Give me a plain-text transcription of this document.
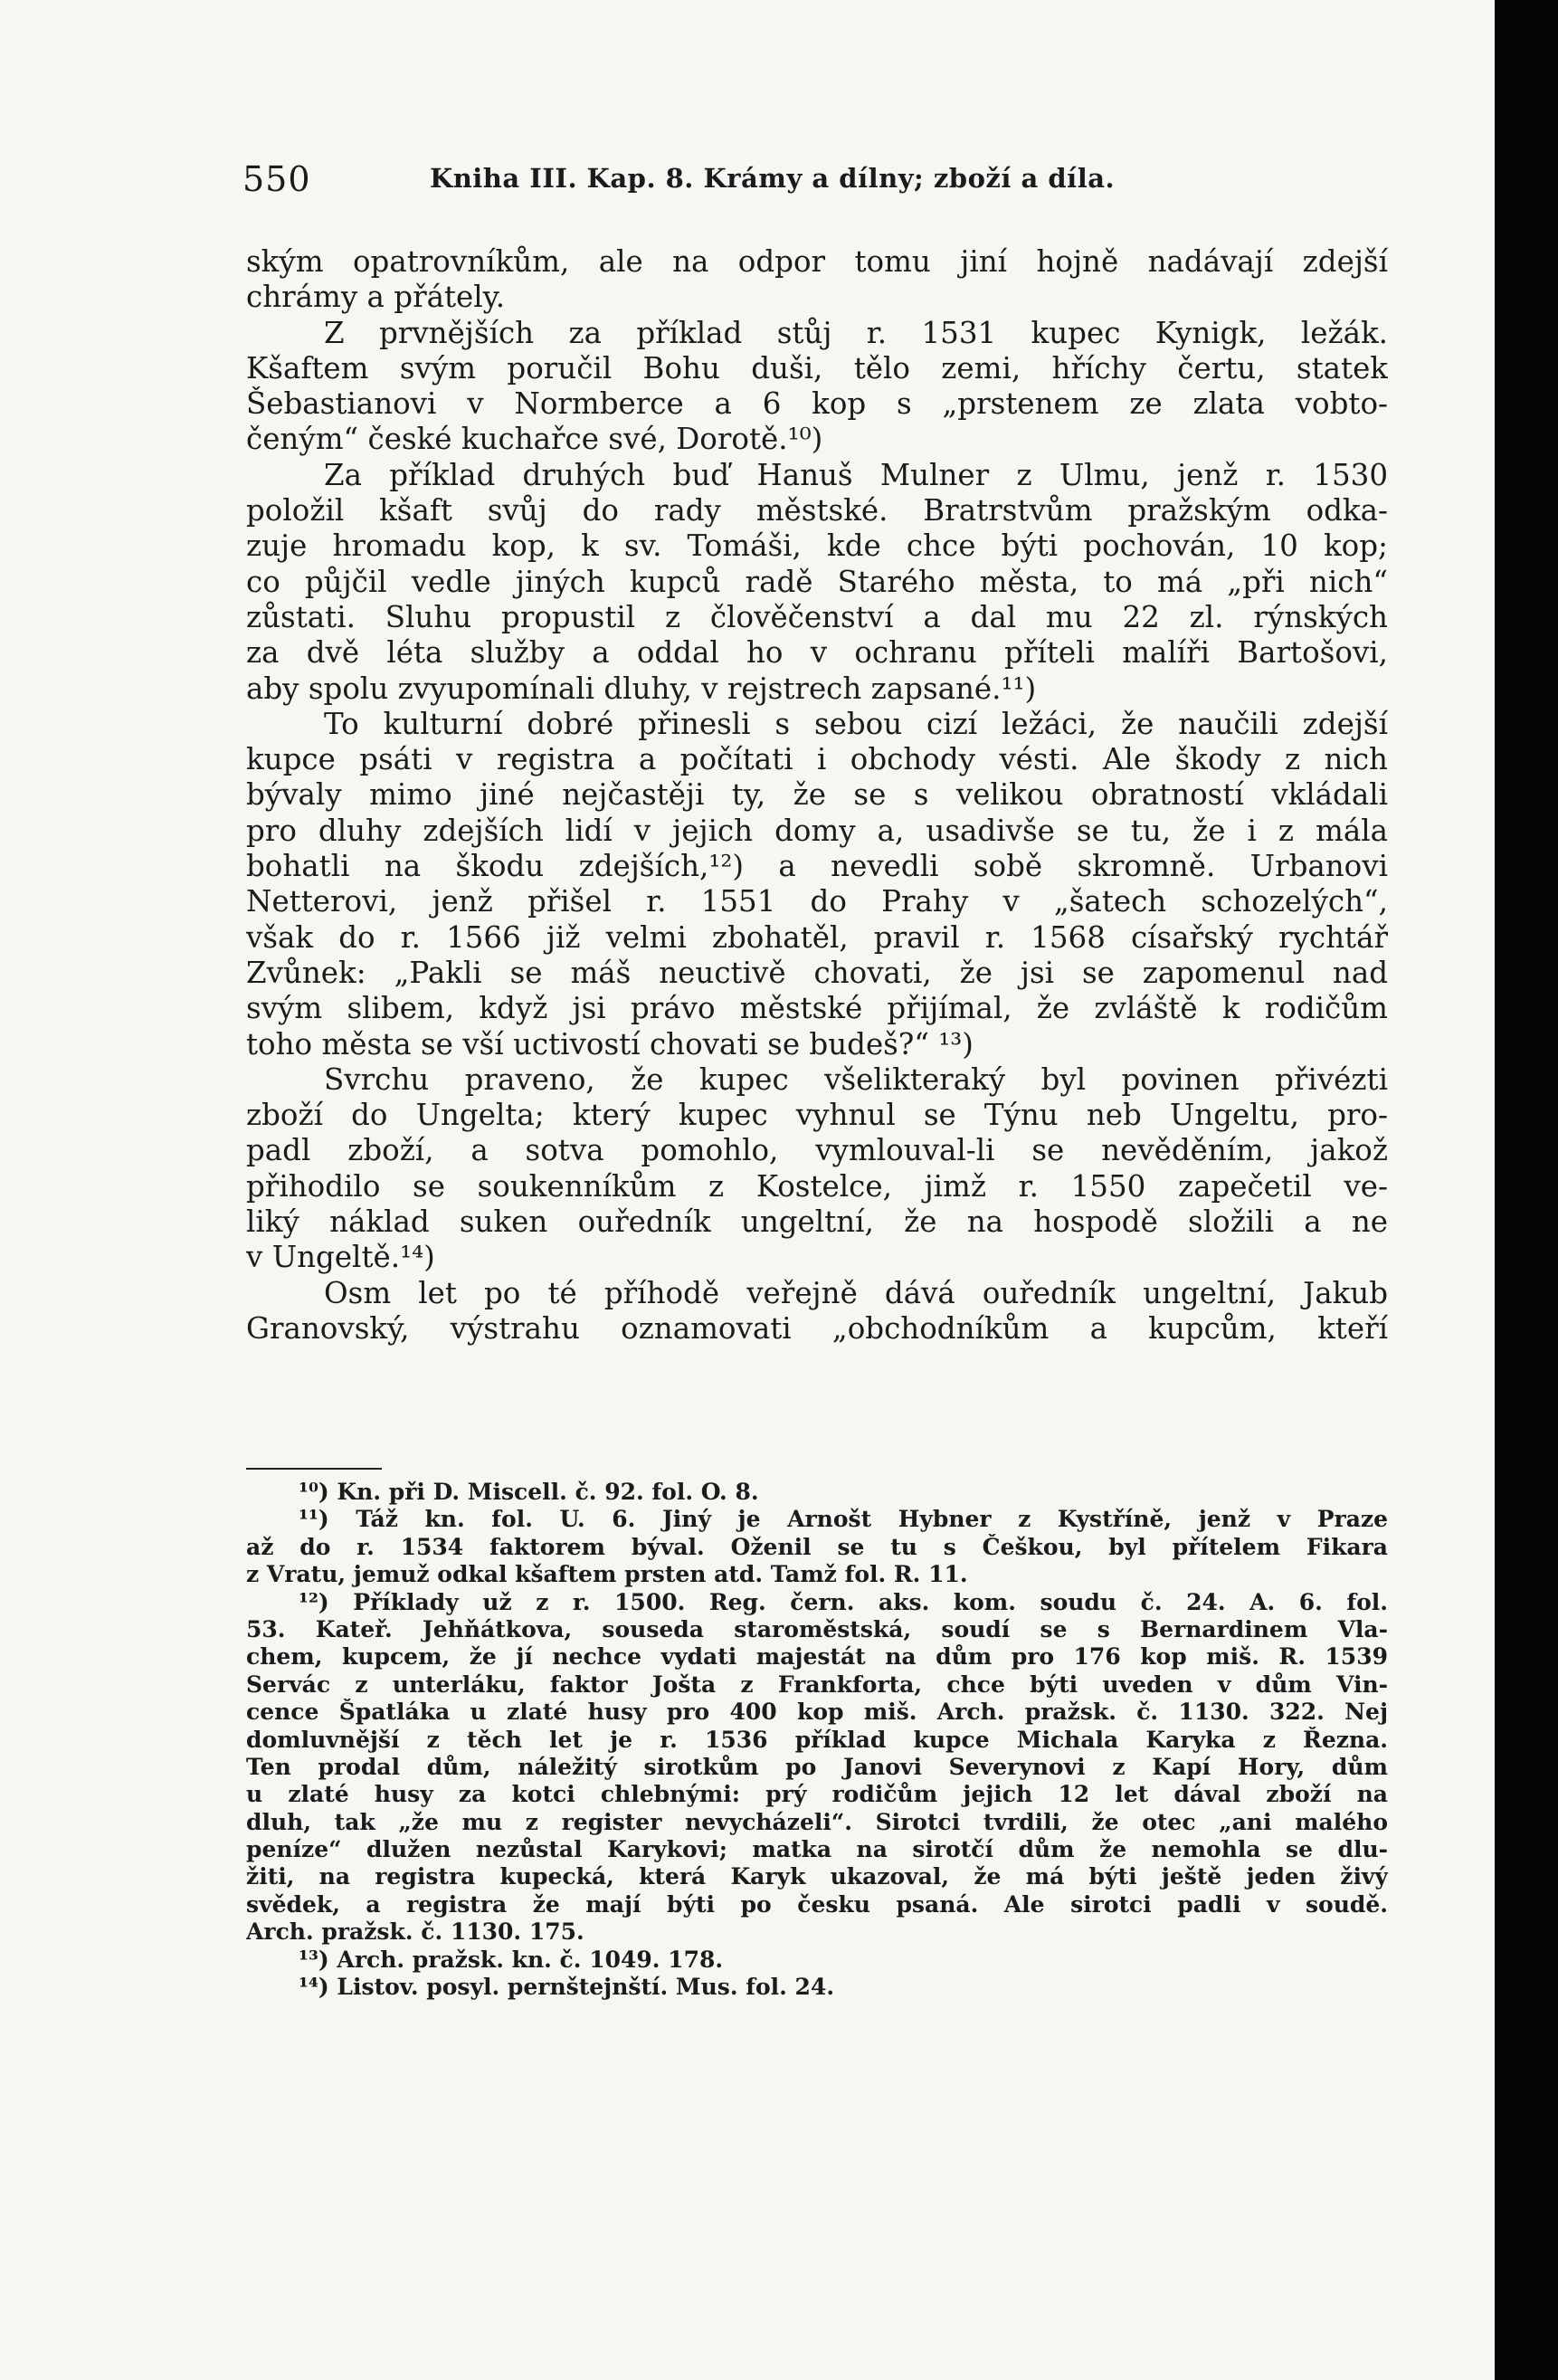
550	Kniha III. Kap. 8. Krámy a dílny; zboží a díla.
ským opatrovníkům, ale na odpor tomu jiní hojně nadávají zdejší
chrámy a přátely.
Z prvnějších za příklad stůj r. 1531 kupec Kynigk, ležák.
Kšaftem svým poručil Bohu duši, tělo zemi, hříchy čertu, statek
Šebastianovi v Normberce a 6 kop s „prstenem ze zlata vobto-
čeným“ české kuchařce své, Dorotě.¹⁰)
Za příklad druhých buď Hanuš Mulner z Ulmu, jenž r. 1530
položil kšaft svůj do rady městské. Bratrstvům pražským odka-
zuje hromadu kop, k sv. Tomáši, kde chce býti pochován, 10 kop;
co půjčil vedle jiných kupců radě Starého města, to má „při nich“
zůstati. Sluhu propustil z člověčenství a dal mu 22 zl. rýnských
za dvě léta služby a oddal ho v ochranu příteli malíři Bartošovi,
aby spolu zvyupomínali dluhy, v rejstrech zapsané.¹¹)
To kulturní dobré přinesli s sebou cizí ležáci, že naučili zdejší
kupce psáti v registra a počítati i obchody vésti. Ale škody z nich
bývaly mimo jiné nejčastěji ty, že se s velikou obratností vkládali
pro dluhy zdejších lidí v jejich domy a, usadivše se tu, že i z mála
bohatli na škodu zdejších,¹²) a nevedli sobě skromně. Urbanovi
Netterovi, jenž přišel r. 1551 do Prahy v „šatech schozelých“,
však do r. 1566 již velmi zbohatěl, pravil r. 1568 císařský rychtář
Zvůnek: „Pakli se máš neuctivě chovati, že jsi se zapomenul nad
svým slibem, když jsi právo městské přijímal, že zvláště k rodičům
toho města se vší uctivostí chovati se budeš?“ ¹³)
Svrchu praveno, že kupec všelikteraký byl povinen přivézti
zboží do Ungelta; který kupec vyhnul se Týnu neb Ungeltu, pro-
padl zboží, a sotva pomohlo, vymlouval-li se nevěděním, jakož
přihodilo se soukenníkům z Kostelce, jimž r. 1550 zapečetil ve-
liký náklad suken ouředník ungeltní, že na hospodě složili a ne
v Ungeltě.¹⁴)
Osm let po té příhodě veřejně dává ouředník ungeltní, Jakub
Granovský, výstrahu oznamovati „obchodníkům a kupcům, kteří
¹⁰) Kn. při D. Miscell. č. 92. fol. O. 8.
¹¹) Táž kn. fol. U. 6. Jiný je Arnošt Hybner z Kystříně, jenž v Praze
až do r. 1534 faktorem býval. Oženil se tu s Češkou, byl přítelem Fikara
z Vratu, jemuž odkal kšaftem prsten atd. Tamž fol. R. 11.
¹²) Příklady už z r. 1500. Reg. čern. aks. kom. soudu č. 24. A. 6. fol.
53. Kateř. Jehňátkova, souseda staroměstská, soudí se s Bernardinem Vla-
chem, kupcem, že jí nechce vydati majestát na dům pro 176 kop miš. R. 1539
Servác z unterláku, faktor Jošta z Frankforta, chce býti uveden v dům Vin-
cence Špatláka u zlaté husy pro 400 kop miš. Arch. pražsk. č. 1130. 322. Nej
domluvnější z těch let je r. 1536 příklad kupce Michala Karyka z Řezna.
Ten prodal dům, náležitý sirotkům po Janovi Severynovi z Kapí Hory, dům
u zlaté husy za kotci chlebnými: prý rodičům jejich 12 let dával zboží na
dluh, tak „že mu z register nevycházeli“. Sirotci tvrdili, že otec „ani malého
peníze“ dlužen nezůstal Karykovi; matka na sirotčí dům že nemohla se dlu-
žiti, na registra kupecká, která Karyk ukazoval, že má býti ještě jeden živý
svědek, a registra že mají býti po česku psaná. Ale sirotci padli v soudě.
Arch. pražsk. č. 1130. 175.
¹³) Arch. pražsk. kn. č. 1049. 178.
¹⁴) Listov. posyl. pernštejnští. Mus. fol. 24.
